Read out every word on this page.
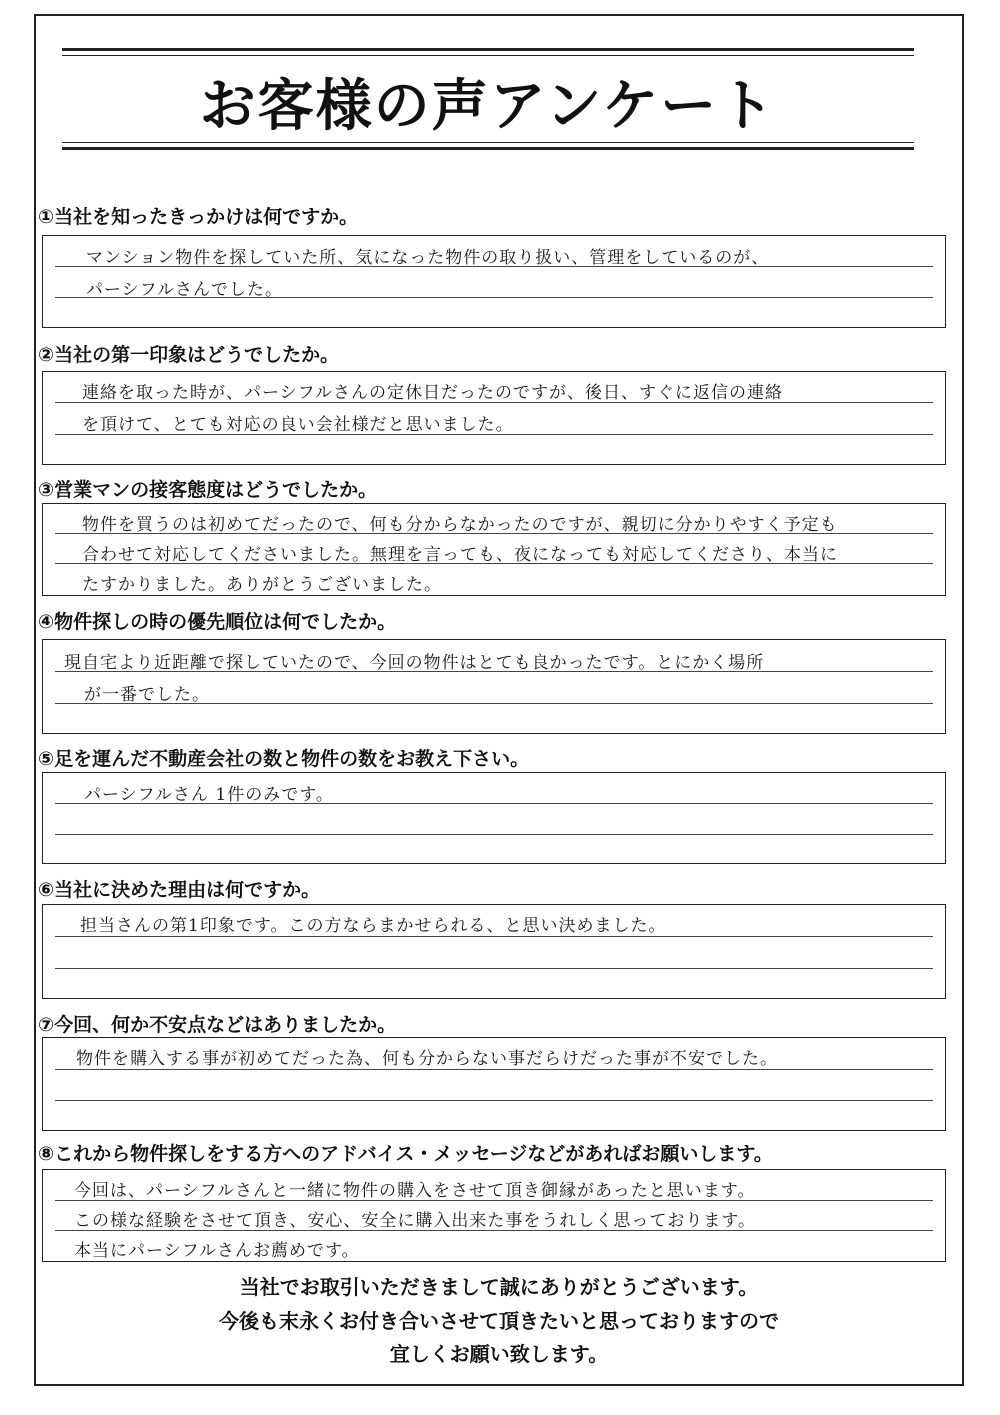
お客様の声アンケート
①当社を知ったきっかけは何ですか。
マンション物件を探していた所、気になった物件の取り扱い、管理をしているのが、
パーシフルさんでした。
②当社の第一印象はどうでしたか。
連絡を取った時が、パーシフルさんの定休日だったのですが、後日、すぐに返信の連絡
を頂けて、とても対応の良い会社様だと思いました。
③営業マンの接客態度はどうでしたか。
物件を買うのは初めてだったので、何も分からなかったのですが、親切に分かりやすく予定も
合わせて対応してくださいました。無理を言っても、夜になっても対応してくださり、本当に
たすかりました。ありがとうございました。
④物件探しの時の優先順位は何でしたか。
現自宅より近距離で探していたので、今回の物件はとても良かったです。とにかく場所
が一番でした。
⑤足を運んだ不動産会社の数と物件の数をお教え下さい。
パーシフルさん 1件のみです。
⑥当社に決めた理由は何ですか。
担当さんの第1印象です。この方ならまかせられる、と思い決めました。
⑦今回、何か不安点などはありましたか。
物件を購入する事が初めてだった為、何も分からない事だらけだった事が不安でした。
⑧これから物件探しをする方へのアドバイス・メッセージなどがあればお願いします。
今回は、パーシフルさんと一緒に物件の購入をさせて頂き御縁があったと思います。
この様な経験をさせて頂き、安心、安全に購入出来た事をうれしく思っております。
本当にパーシフルさんお薦めです。
当社でお取引いただきまして誠にありがとうございます。
今後も末永くお付き合いさせて頂きたいと思っておりますので
宜しくお願い致します。
